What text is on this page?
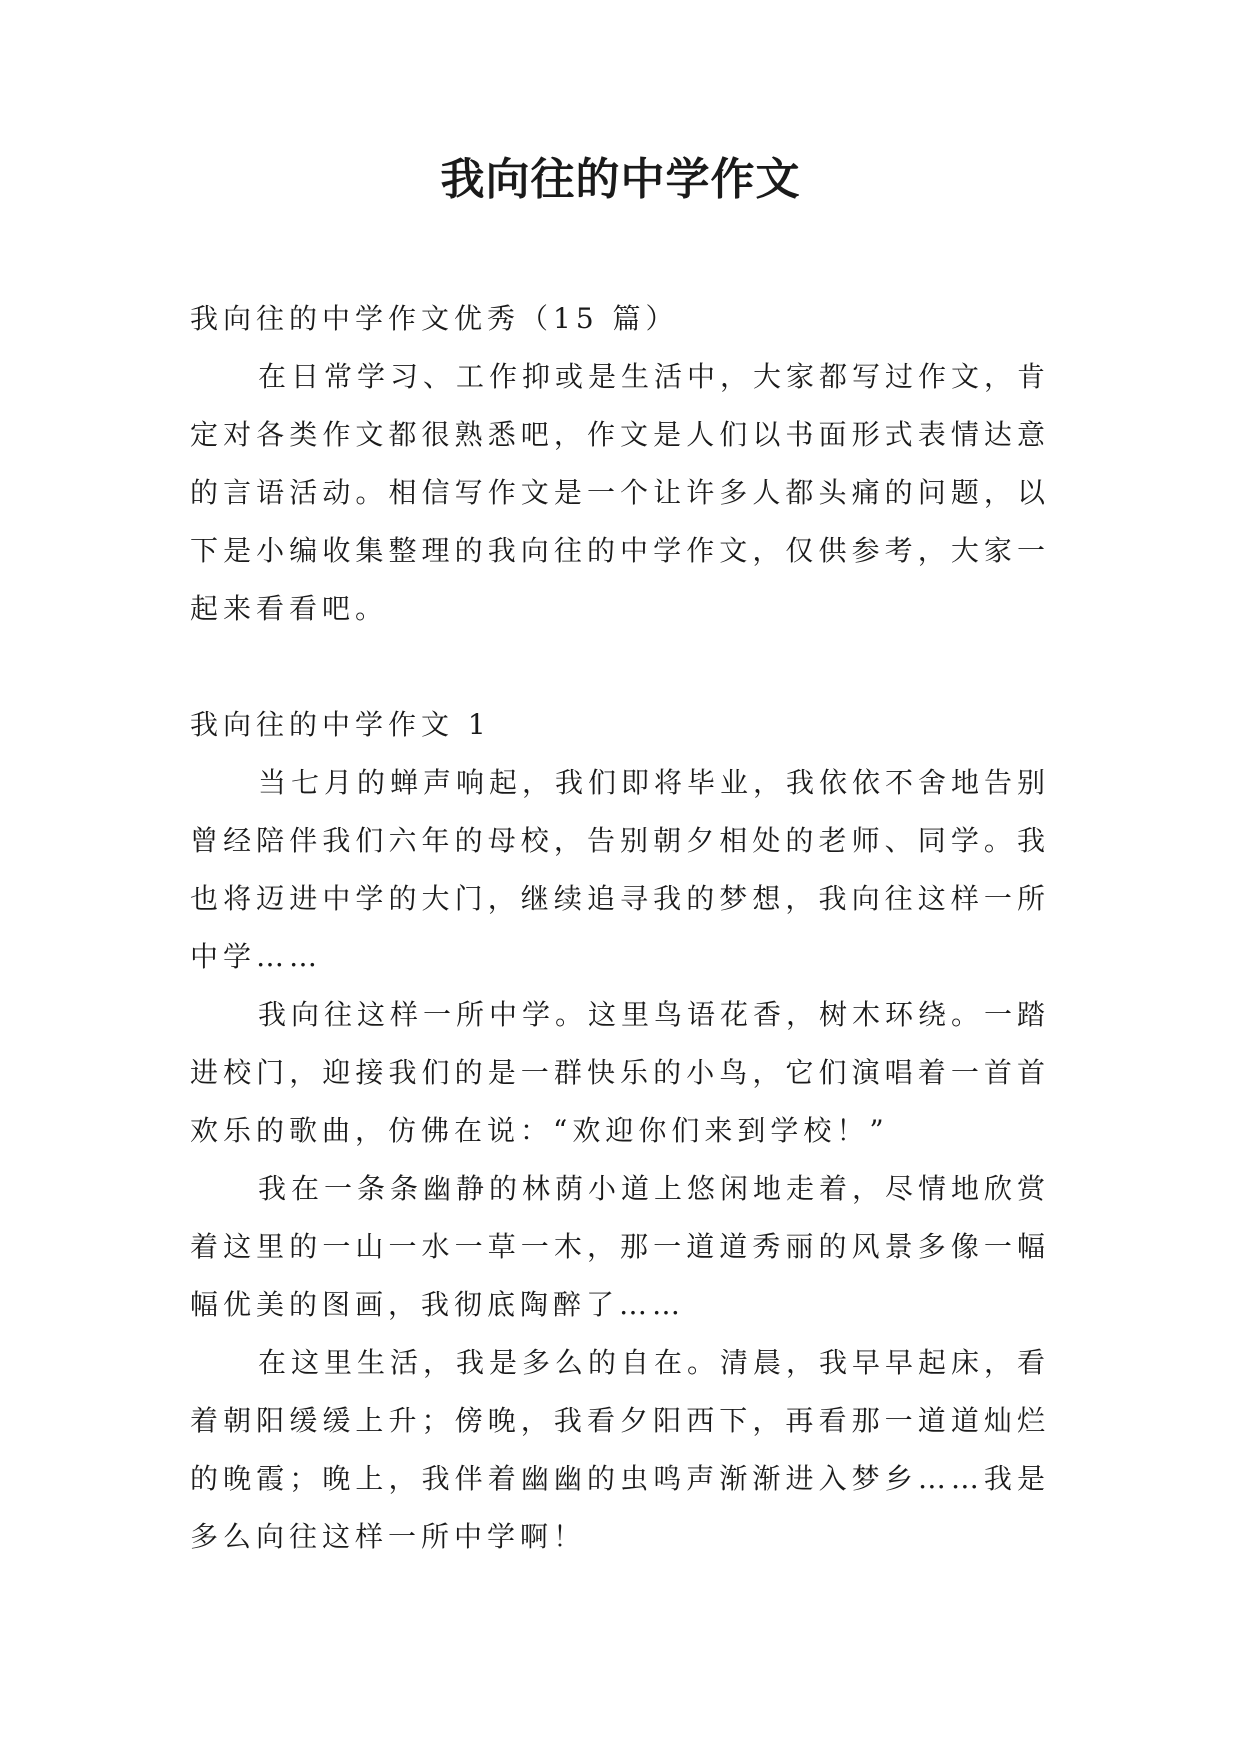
我向往的中学作文

我向往的中学作文优秀（15 篇）

在日常学习、工作抑或是生活中，大家都写过作文，肯定对各类作文都很熟悉吧，作文是人们以书面形式表情达意的言语活动。相信写作文是一个让许多人都头痛的问题，以下是小编收集整理的我向往的中学作文，仅供参考，大家一起来看看吧。

我向往的中学作文 1

当七月的蝉声响起，我们即将毕业，我依依不舍地告别曾经陪伴我们六年的母校，告别朝夕相处的老师、同学。我也将迈进中学的大门，继续追寻我的梦想，我向往这样一所中学……

我向往这样一所中学。这里鸟语花香，树木环绕。一踏进校门，迎接我们的是一群快乐的小鸟，它们演唱着一首首欢乐的歌曲，仿佛在说：“欢迎你们来到学校！”

我在一条条幽静的林荫小道上悠闲地走着，尽情地欣赏着这里的一山一水一草一木，那一道道秀丽的风景多像一幅幅优美的图画，我彻底陶醉了……

在这里生活，我是多么的自在。清晨，我早早起床，看着朝阳缓缓上升；傍晚，我看夕阳西下，再看那一道道灿烂的晚霞；晚上，我伴着幽幽的虫鸣声渐渐进入梦乡……我是多么向往这样一所中学啊！
